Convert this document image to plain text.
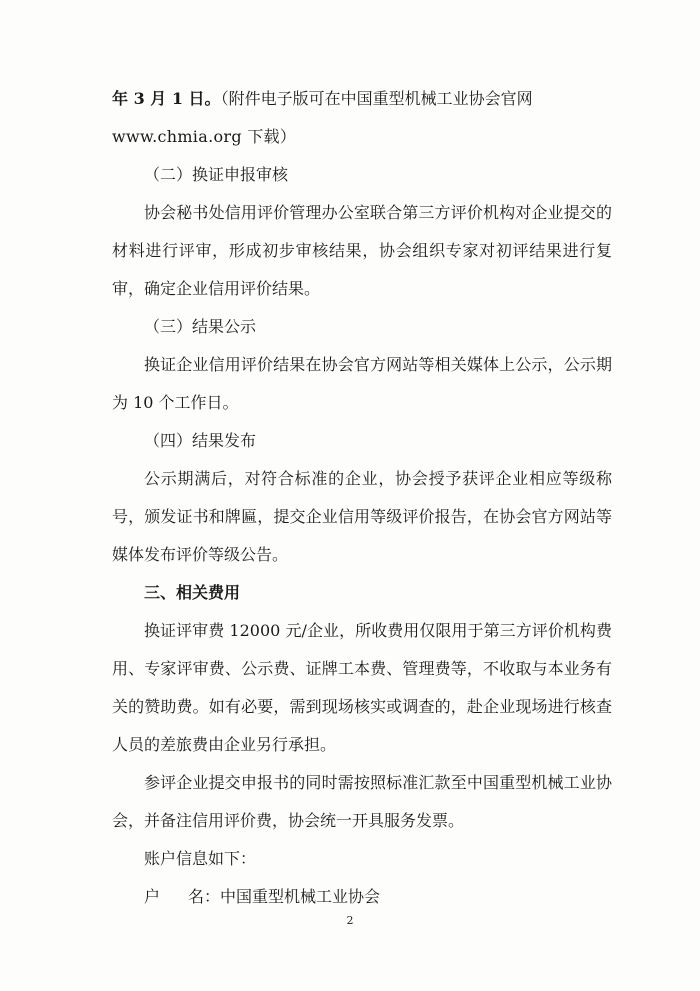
年 3 月 1 日。（附件电子版可在中国重型机械工业协会官网

www.chmia.org 下载）

（二）换证申报审核

协会秘书处信用评价管理办公室联合第三方评价机构对企业提交的材料进行评审，形成初步审核结果，协会组织专家对初评结果进行复审，确定企业信用评价结果。

（三）结果公示

换证企业信用评价结果在协会官方网站等相关媒体上公示，公示期为 10 个工作日。

（四）结果发布

公示期满后，对符合标准的企业，协会授予获评企业相应等级称号，颁发证书和牌匾，提交企业信用等级评价报告，在协会官方网站等媒体发布评价等级公告。

三、相关费用

换证评审费 12000 元/企业，所收费用仅限用于第三方评价机构费用、专家评审费、公示费、证牌工本费、管理费等，不收取与本业务有关的赞助费。如有必要，需到现场核实或调查的，赴企业现场进行核查人员的差旅费由企业另行承担。

参评企业提交申报书的同时需按照标准汇款至中国重型机械工业协会，并备注信用评价费，协会统一开具服务发票。

账户信息如下：

户 名：中国重型机械工业协会

2
